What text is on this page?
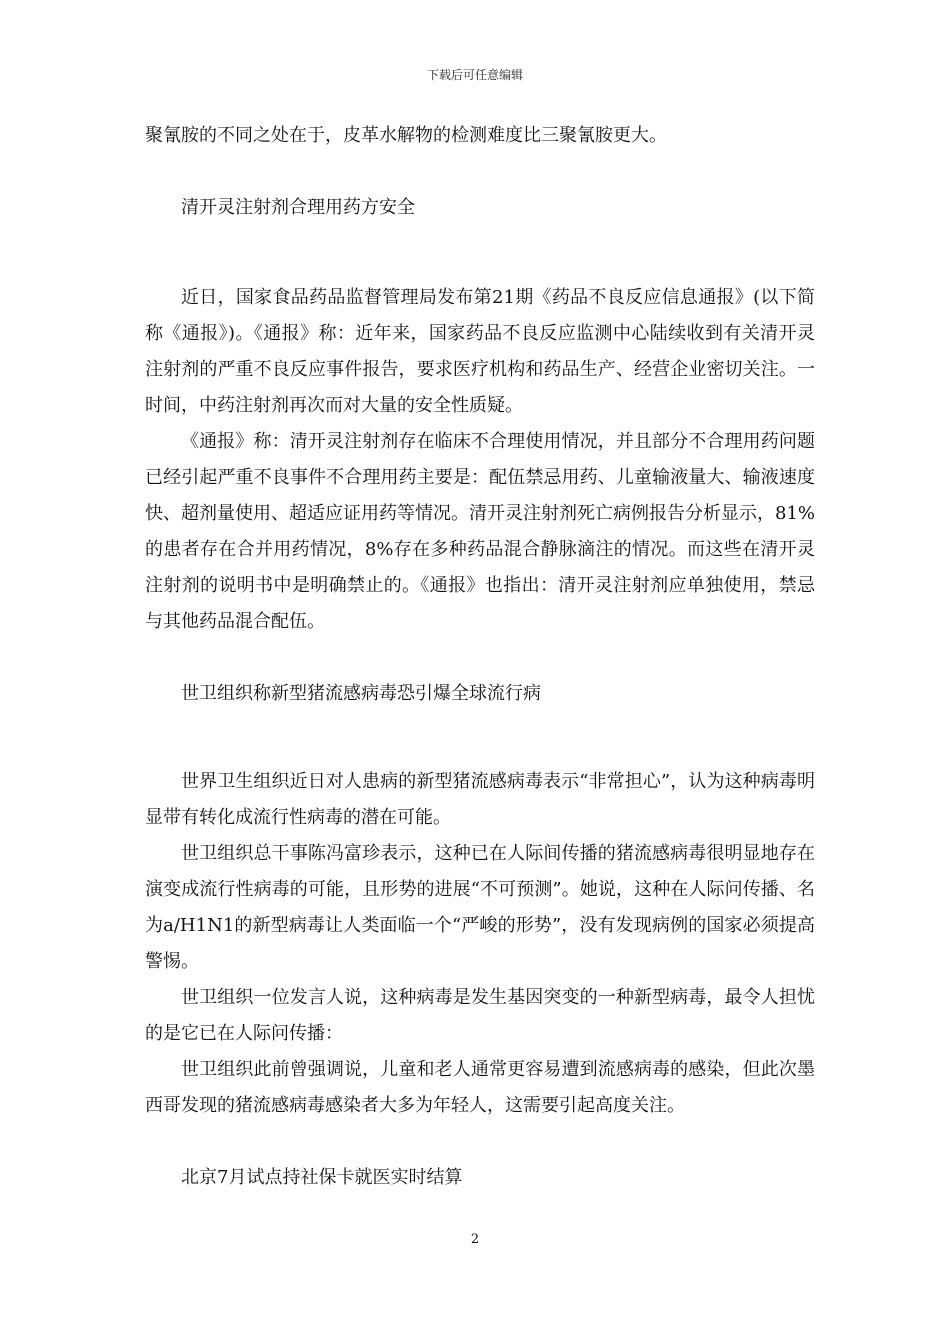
下载后可任意编辑

聚氰胺的不同之处在于，皮革水解物的检测难度比三聚氰胺更大。

清开灵注射剂合理用药方安全

近日，国家食品药品监督管理局发布第21期《药品不良反应信息通报》(以下简称《通报》)。《通报》称：近年来，国家药品不良反应监测中心陆续收到有关清开灵注射剂的严重不良反应事件报告，要求医疗机构和药品生产、经营企业密切关注。一时间，中药注射剂再次而对大量的安全性质疑。

《通报》称：清开灵注射剂存在临床不合理使用情况，并且部分不合理用药问题已经引起严重不良事件不合理用药主要是：配伍禁忌用药、儿童输液量大、输液速度快、超剂量使用、超适应证用药等情况。清开灵注射剂死亡病例报告分析显示，81%的患者存在合并用药情况，8%存在多种药品混合静脉滴注的情况。而这些在清开灵注射剂的说明书中是明确禁止的。《通报》也指出：清开灵注射剂应单独使用，禁忌与其他药品混合配伍。

世卫组织称新型猪流感病毒恐引爆全球流行病

世界卫生组织近日对人患病的新型猪流感病毒表示“非常担心”，认为这种病毒明显带有转化成流行性病毒的潜在可能。

世卫组织总干事陈冯富珍表示，这种已在人际间传播的猪流感病毒很明显地存在演变成流行性病毒的可能，且形势的进展“不可预测”。她说，这种在人际问传播、名为a/H1N1的新型病毒让人类面临一个“严峻的形势”，没有发现病例的国家必须提高警惕。

世卫组织一位发言人说，这种病毒是发生基因突变的一种新型病毒，最令人担忧的是它已在人际问传播：

世卫组织此前曾强调说，儿童和老人通常更容易遭到流感病毒的感染，但此次墨西哥发现的猪流感病毒感染者大多为年轻人，这需要引起高度关注。

北京7月试点持社保卡就医实时结算

2
